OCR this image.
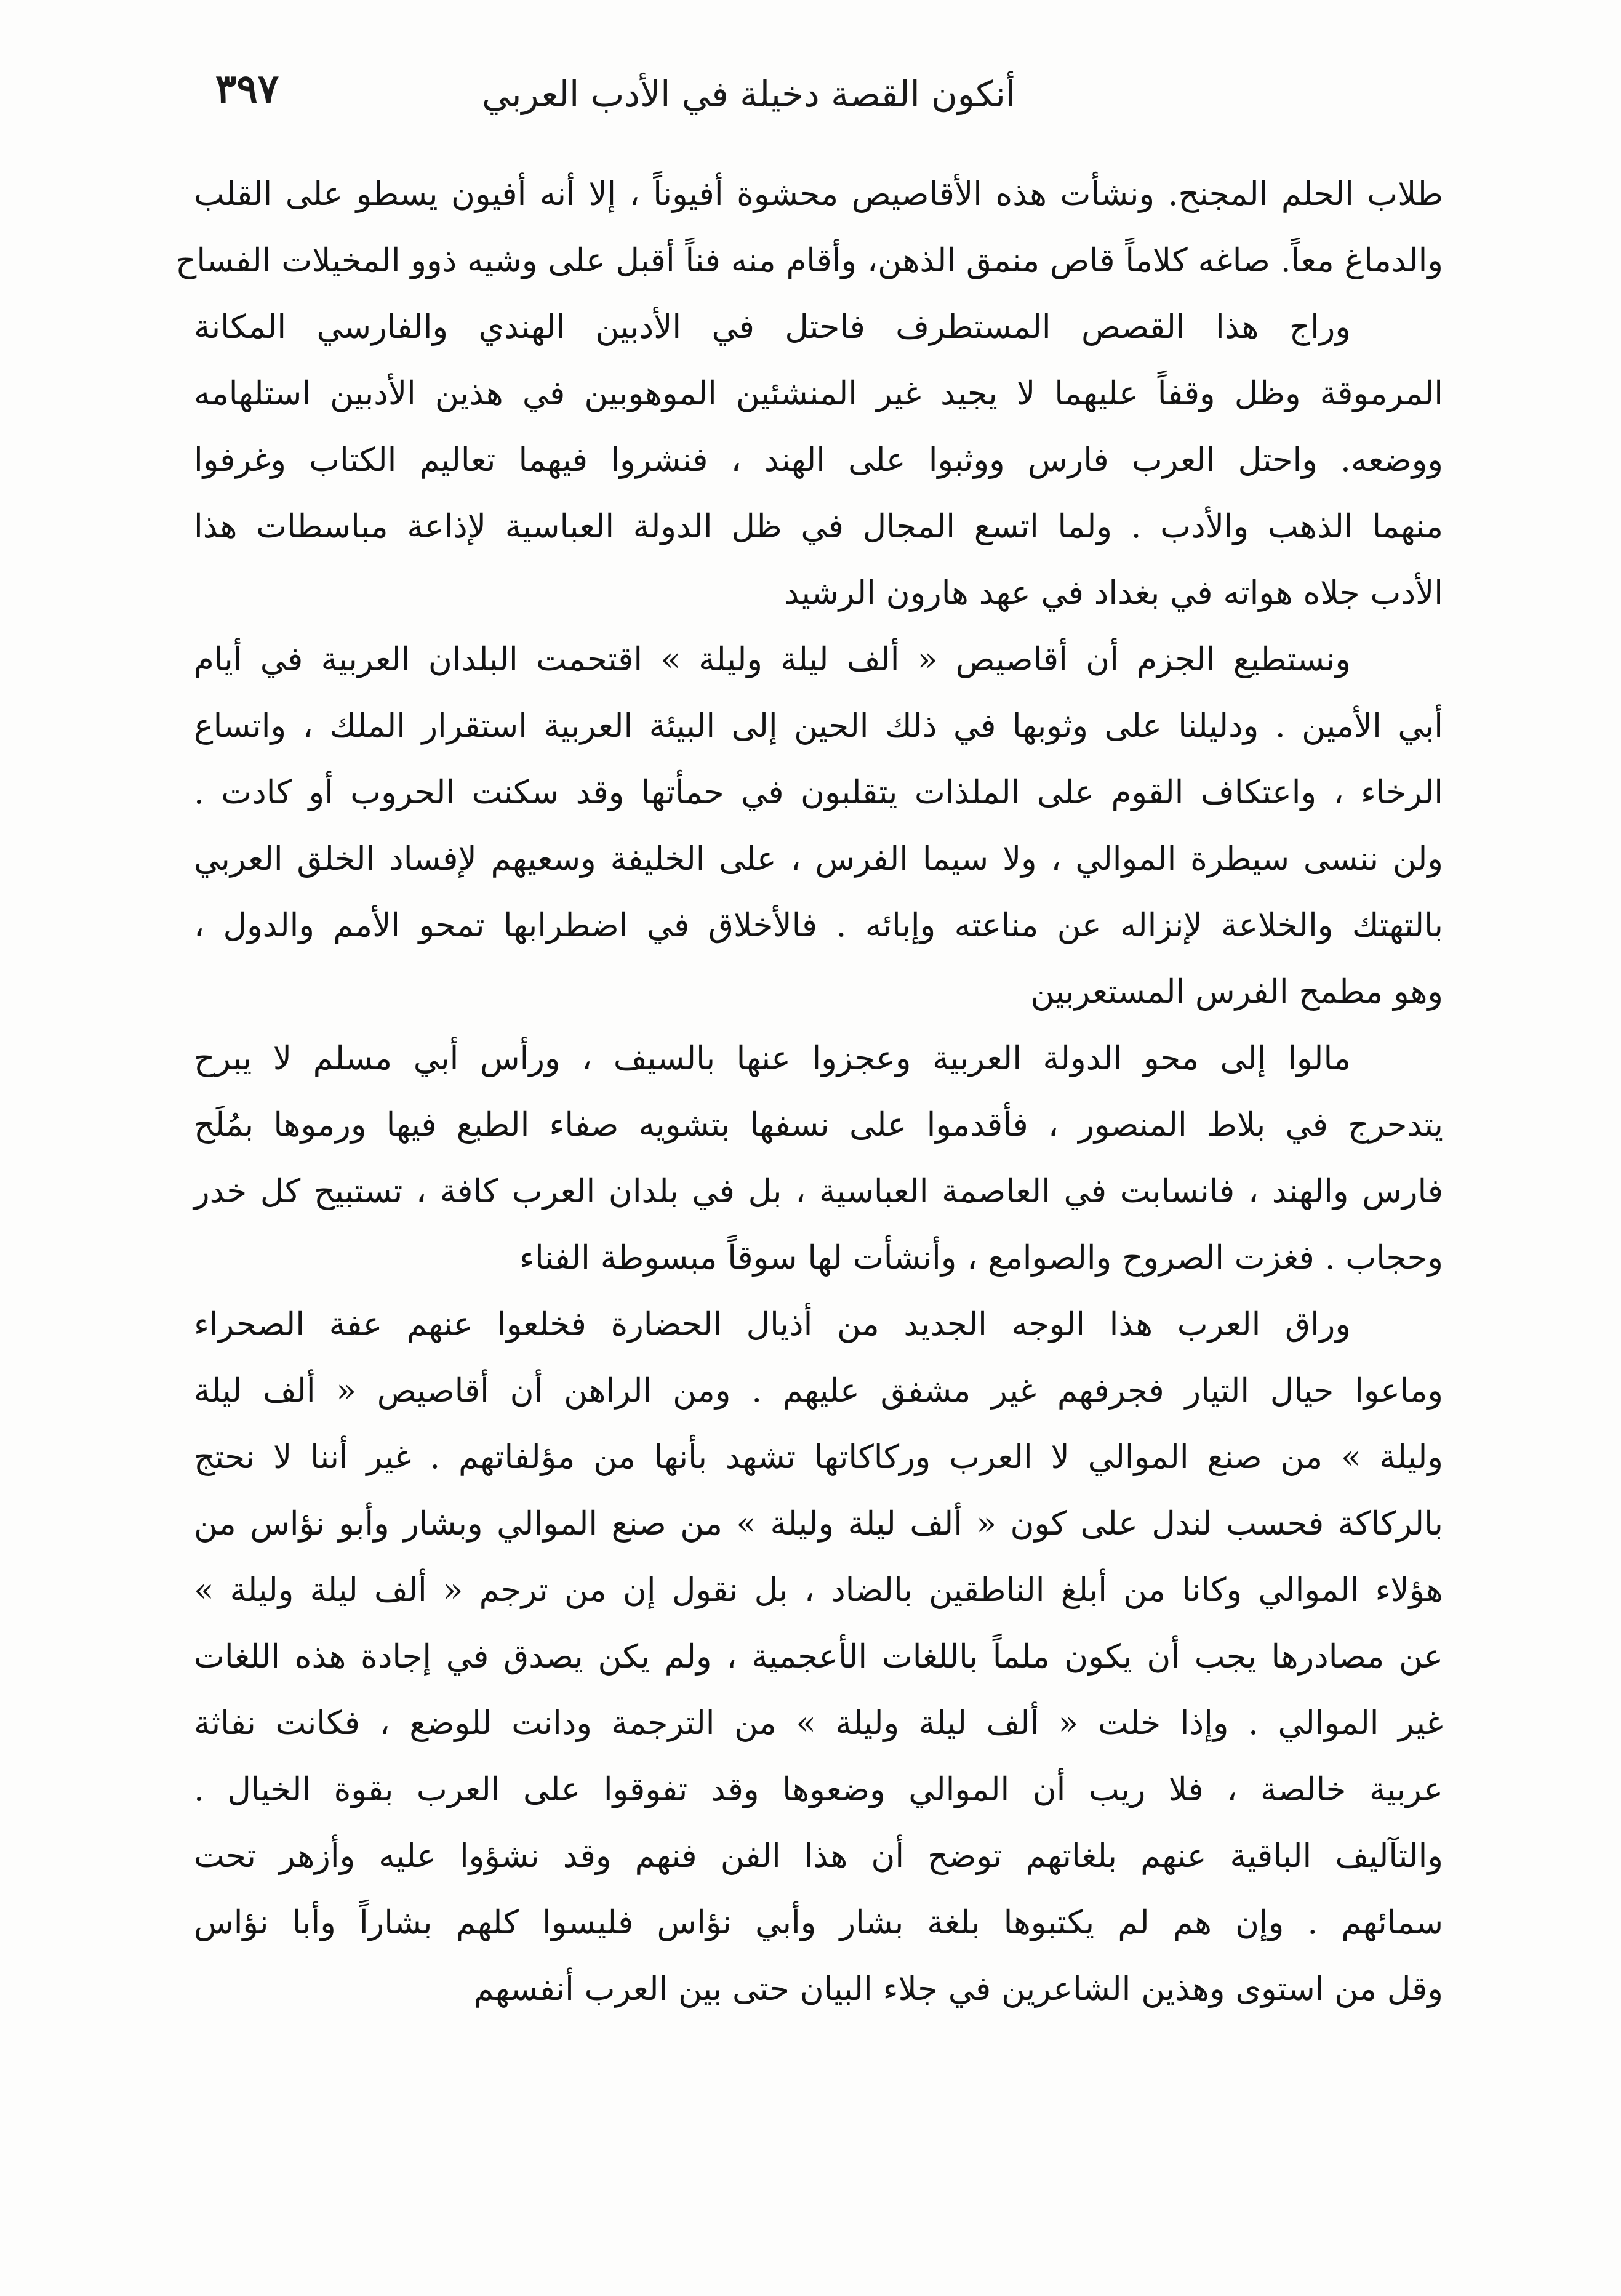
أنكون القصة دخيلة في الأدب العربي
٣٩٧
طلاب الحلم المجنح. ونشأت هذه الأقاصيص محشوة أفيوناً ، إلا أنه أفيون يسطو على القلب
والدماغ معاً. صاغه كلاماً قاص منمق الذهن، وأقام منه فناً أقبل على وشيه ذوو المخيلات الفساح
وراج هذا القصص المستطرف فاحتل في الأدبين الهندي والفارسي المكانة
المرموقة وظل وقفاً عليهما لا يجيد غير المنشئين الموهوبين في هذين الأدبين استلهامه
ووضعه. واحتل العرب فارس ووثبوا على الهند ، فنشروا فيهما تعاليم الكتاب وغرفوا
منهما الذهب والأدب . ولما اتسع المجال في ظل الدولة العباسية لإذاعة مباسطات هذا
الأدب جلاه هواته في بغداد في عهد هارون الرشيد
ونستطيع الجزم أن أقاصيص « ألف ليلة وليلة » اقتحمت البلدان العربية في أيام
أبي الأمين . ودليلنا على وثوبها في ذلك الحين إلى البيئة العربية استقرار الملك ، واتساع
الرخاء ، واعتكاف القوم على الملذات يتقلبون في حمأتها وقد سكنت الحروب أو كادت .
ولن ننسى سيطرة الموالي ، ولا سيما الفرس ، على الخليفة وسعيهم لإفساد الخلق العربي
بالتهتك والخلاعة لإنزاله عن مناعته وإبائه . فالأخلاق في اضطرابها تمحو الأمم والدول ،
وهو مطمح الفرس المستعربين
مالوا إلى محو الدولة العربية وعجزوا عنها بالسيف ، ورأس أبي مسلم لا يبرح
يتدحرج في بلاط المنصور ، فأقدموا على نسفها بتشويه صفاء الطبع فيها ورموها بمُلَح
فارس والهند ، فانسابت في العاصمة العباسية ، بل في بلدان العرب كافة ، تستبيح كل خدر
وحجاب . فغزت الصروح والصوامع ، وأنشأت لها سوقاً مبسوطة الفناء
وراق العرب هذا الوجه الجديد من أذيال الحضارة فخلعوا عنهم عفة الصحراء
وماعوا حيال التيار فجرفهم غير مشفق عليهم . ومن الراهن أن أقاصيص « ألف ليلة
وليلة » من صنع الموالي لا العرب وركاكاتها تشهد بأنها من مؤلفاتهم . غير أننا لا نحتج
بالركاكة فحسب لندل على كون « ألف ليلة وليلة » من صنع الموالي وبشار وأبو نؤاس من
هؤلاء الموالي وكانا من أبلغ الناطقين بالضاد ، بل نقول إن من ترجم « ألف ليلة وليلة »
عن مصادرها يجب أن يكون ملماً باللغات الأعجمية ، ولم يكن يصدق في إجادة هذه اللغات
غير الموالي . وإذا خلت « ألف ليلة وليلة » من الترجمة ودانت للوضع ، فكانت نفاثة
عربية خالصة ، فلا ريب أن الموالي وضعوها وقد تفوقوا على العرب بقوة الخيال .
والتآليف الباقية عنهم بلغاتهم توضح أن هذا الفن فنهم وقد نشؤوا عليه وأزهر تحت
سمائهم . وإن هم لم يكتبوها بلغة بشار وأبي نؤاس فليسوا كلهم بشاراً وأبا نؤاس
وقل من استوى وهذين الشاعرين في جلاء البيان حتى بين العرب أنفسهم
